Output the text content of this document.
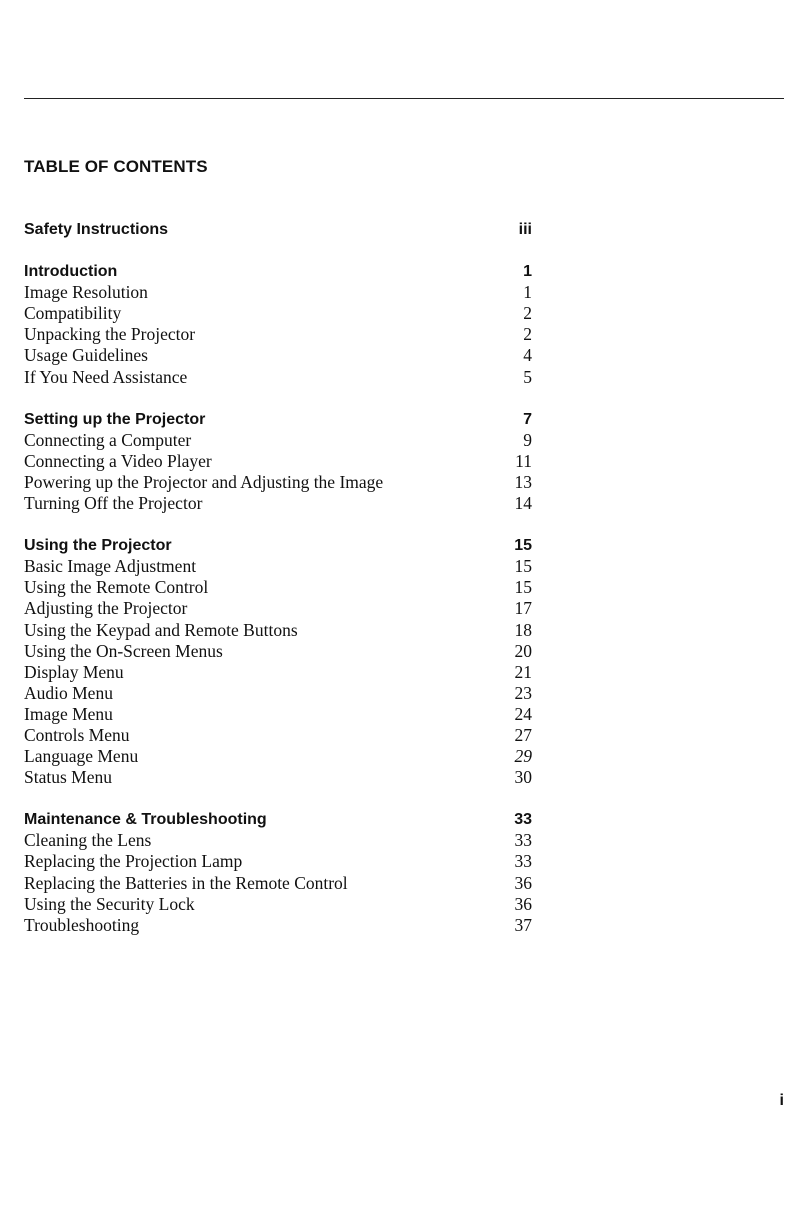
TABLE OF CONTENTS
Safety Instructions	iii
Introduction	1
Image Resolution	1
Compatibility	2
Unpacking the Projector	2
Usage Guidelines	4
If You Need Assistance	5
Setting up the Projector	7
Connecting a Computer	9
Connecting a Video Player	11
Powering up the Projector and Adjusting the Image	13
Turning Off the Projector	14
Using the Projector	15
Basic Image Adjustment	15
Using the Remote Control	15
Adjusting the Projector	17
Using the Keypad and Remote Buttons	18
Using the On-Screen Menus	20
Display Menu	21
Audio Menu	23
Image Menu	24
Controls Menu	27
Language Menu	29
Status Menu	30
Maintenance & Troubleshooting	33
Cleaning the Lens	33
Replacing the Projection Lamp	33
Replacing the Batteries in the Remote Control	36
Using the Security Lock	36
Troubleshooting	37
i
